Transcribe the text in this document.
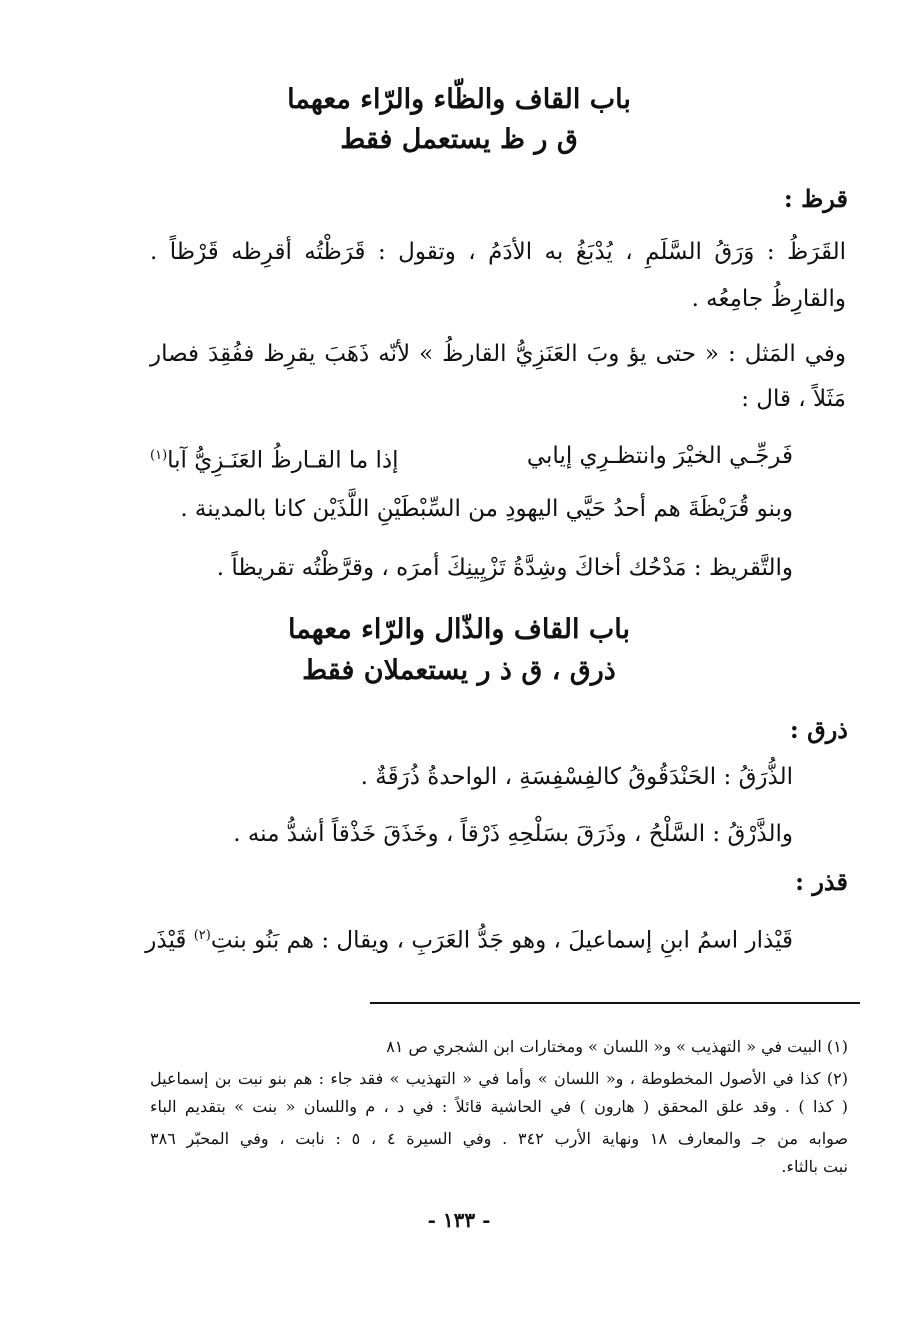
باب القاف والظّاء والرّاء معهما
ق ر ظ يستعمل فقط
قرظ :
القَرَظُ : وَرَقُ السَّلَمِ ، يُدْبَغُ به الأدَمُ ، وتقول : قَرَظْتُه أقرِظه قَرْظاً .
والقارِظُ جامِعُه .
وفي المَثل : « حتى يؤ وبَ العَنَزِيُّ القارظُ » لأنّه ذَهَبَ يقرِظ ففُقِدَ فصار
مَثَلاً ، قال :
فَرجِّـي الخيْرَ وانتظـرِي إيابي
إذا ما القـارظُ العَنَـزِيُّ آبا$^{(١)}$
وبنو قُرَيْظَةَ هم أحدُ حَيَّي اليهودِ من السِّبْطَيْنِ اللَّذَيْن كانا بالمدينة .
والتَّقريظ : مَدْحُك أخاكَ وشِدَّةُ تَزْيِينِكَ أمرَه ، وقرَّظْتُه تقريظاً .
باب القاف والذّال والرّاء معهما
ذرق ، ق ذ ر يستعملان فقط
ذرق :
الذُّرَقُ : الحَنْدَقُوقُ كالفِسْفِسَةِ ، الواحدةُ ذُرَقَةٌ .
والذَّرْقُ : السَّلْحُ ، وذَرَقَ بسَلْحِهِ ذَرْقاً ، وخَذَقَ خَذْقاً أشدُّ منه .
قذر :
قَيْذار اسمُ ابنِ إسماعيلَ ، وهو جَدُّ العَرَبِ ، ويقال : هم بَنُو بنتِ$^{(٢)}$ قَيْذَر
(١) البيت في « التهذيب » و« اللسان » ومختارات ابن الشجري ص ٨١
(٢) كذا في الأصول المخطوطة ، و« اللسان » وأما في « التهذيب » فقد جاء : هم بنو نبت بن إسماعيل
( كذا ) . وقد علق المحقق ( هارون ) في الحاشية قائلاً : في د ، م واللسان « بنت » بتقديم الباء
صوابه من جـ والمعارف ١٨ ونهاية الأرب ٣٤٢ . وفي السيرة ٤ ، ٥ : نابت ، وفي المحبّر ٣٨٦
نبت بالثاء.
- ١٣٣ -
